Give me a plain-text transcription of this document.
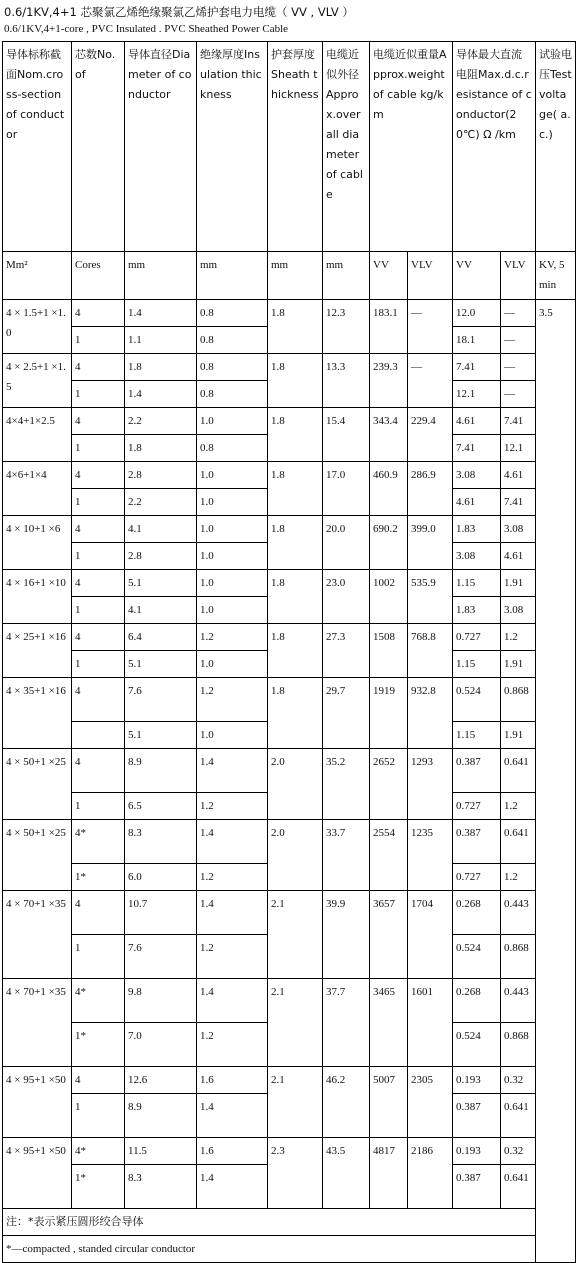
0.6/1KV,4+1 芯聚氯乙烯绝缘聚氯乙烯护套电力电缆（ VV , VLV ）
0.6/1KV,4+1-core , PVC Insulated . PVC Sheathed Power Cable
导体标称截面Nom.cross-section of conductor	芯数No.of	导体直径Diameter of conductor	绝缘厚度Insulation thickness	护套厚度Sheath thickness	电缆近似外径Approx.overall diameter of cable	电缆近似重量Approx.weight of cable kg/km		导体最大直流电阻Max.d.c.resistance of conductor(20℃) Ω /km		试验电压Test voltage( a.c.)
Mm²	Cores	mm	mm	mm	mm	VV	VLV	VV	VLV	KV, 5min
4 × 1.5+1 ×1.0	4	1.4	0.8	1.8	12.3	183.1	—	12.0	—	3.5
	1	1.1	0.8					18.1	—	
4 × 2.5+1 ×1.5	4	1.8	0.8	1.8	13.3	239.3	—	7.41	—	
	1	1.4	0.8					12.1	—	
4×4+1×2.5	4	2.2	1.0	1.8	15.4	343.4	229.4	4.61	7.41	
	1	1.8	0.8					7.41	12.1	
4×6+1×4	4	2.8	1.0	1.8	17.0	460.9	286.9	3.08	4.61	
	1	2.2	1.0					4.61	7.41	
4 × 10+1 ×6	4	4.1	1.0	1.8	20.0	690.2	399.0	1.83	3.08	
	1	2.8	1.0					3.08	4.61	
4 × 16+1 ×10	4	5.1	1.0	1.8	23.0	1002	535.9	1.15	1.91	
	1	4.1	1.0					1.83	3.08	
4 × 25+1 ×16	4	6.4	1.2	1.8	27.3	1508	768.8	0.727	1.2	
	1	5.1	1.0					1.15	1.91	
4 × 35+1 ×16	4	7.6	1.2	1.8	29.7	1919	932.8	0.524	0.868	
		5.1	1.0					1.15	1.91	
4 × 50+1 ×25	4	8.9	1.4	2.0	35.2	2652	1293	0.387	0.641	
	1	6.5	1.2					0.727	1.2	
4 × 50+1 ×25	4*	8.3	1.4	2.0	33.7	2554	1235	0.387	0.641	
	1*	6.0	1.2					0.727	1.2	
4 × 70+1 ×35	4	10.7	1.4	2.1	39.9	3657	1704	0.268	0.443	
	1	7.6	1.2					0.524	0.868	
4 × 70+1 ×35	4*	9.8	1.4	2.1	37.7	3465	1601	0.268	0.443	
	1*	7.0	1.2					0.524	0.868	
4 × 95+1 ×50	4	12.6	1.6	2.1	46.2	5007	2305	0.193	0.32	
	1	8.9	1.4					0.387	0.641	
4 × 95+1 ×50	4*	11.5	1.6	2.3	43.5	4817	2186	0.193	0.32	
	1*	8.3	1.4					0.387	0.641	
注：*表示紧压圆形绞合导体										
*—compacted , standed circular conductor										
